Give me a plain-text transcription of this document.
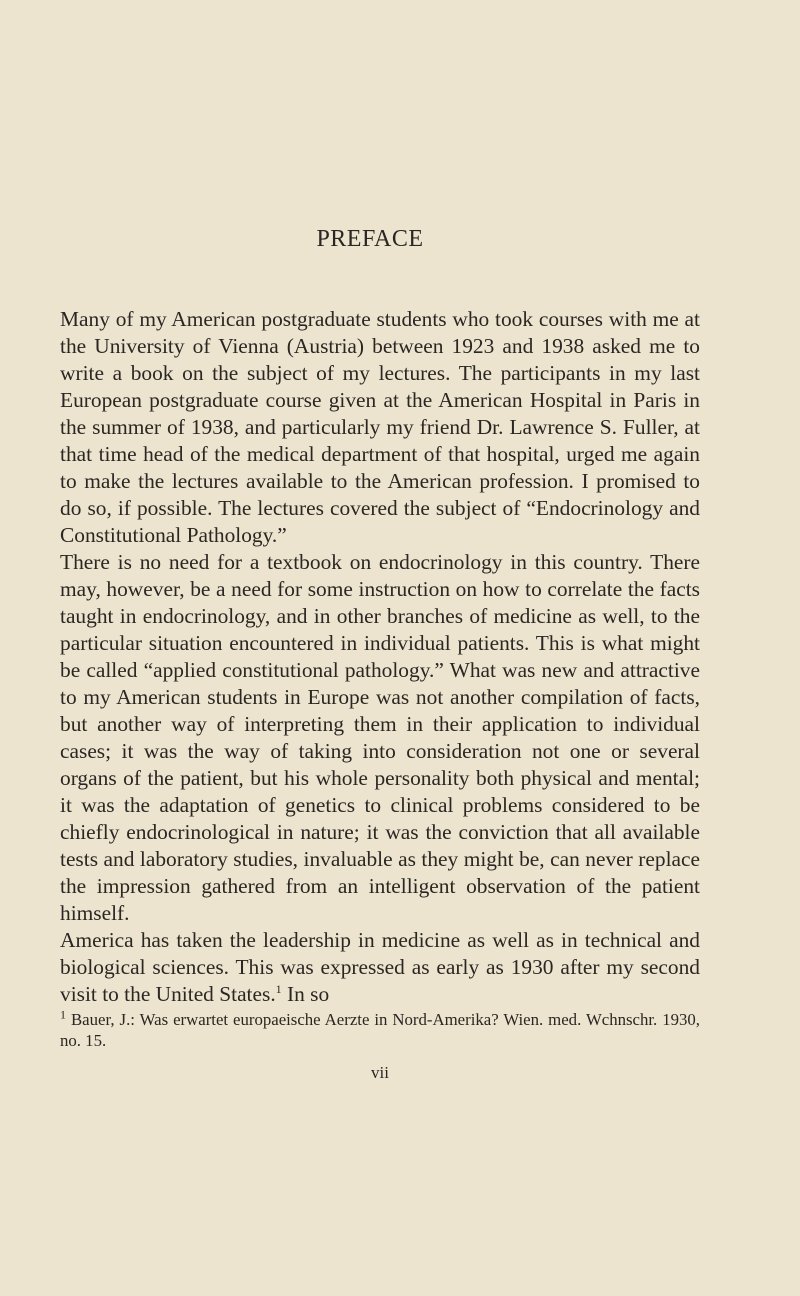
PREFACE

Many of my American postgraduate students who took courses with me at the University of Vienna (Austria) between 1923 and 1938 asked me to write a book on the subject of my lectures. The participants in my last European postgraduate course given at the American Hospital in Paris in the summer of 1938, and particularly my friend Dr. Lawrence S. Fuller, at that time head of the medical department of that hospital, urged me again to make the lectures available to the American profession. I promised to do so, if possible. The lectures covered the subject of “Endocrinology and Constitutional Pathology.”

There is no need for a textbook on endocrinology in this country. There may, however, be a need for some instruction on how to correlate the facts taught in endocrinology, and in other branches of medicine as well, to the particular situation encountered in individual patients. This is what might be called “applied constitutional pathology.” What was new and attractive to my American students in Europe was not another compilation of facts, but another way of interpreting them in their application to individual cases; it was the way of taking into consideration not one or several organs of the patient, but his whole personality both physical and mental; it was the adaptation of genetics to clinical problems considered to be chiefly endocrinological in nature; it was the conviction that all available tests and laboratory studies, invaluable as they might be, can never replace the impression gathered from an intelligent observation of the patient himself.

America has taken the leadership in medicine as well as in technical and biological sciences. This was expressed as early as 1930 after my second visit to the United States.$^1$ In so

$^1$ Bauer, J.: Was erwartet europaeische Aerzte in Nord-Amerika? Wien. med. Wchnschr. 1930, no. 15.

vii
